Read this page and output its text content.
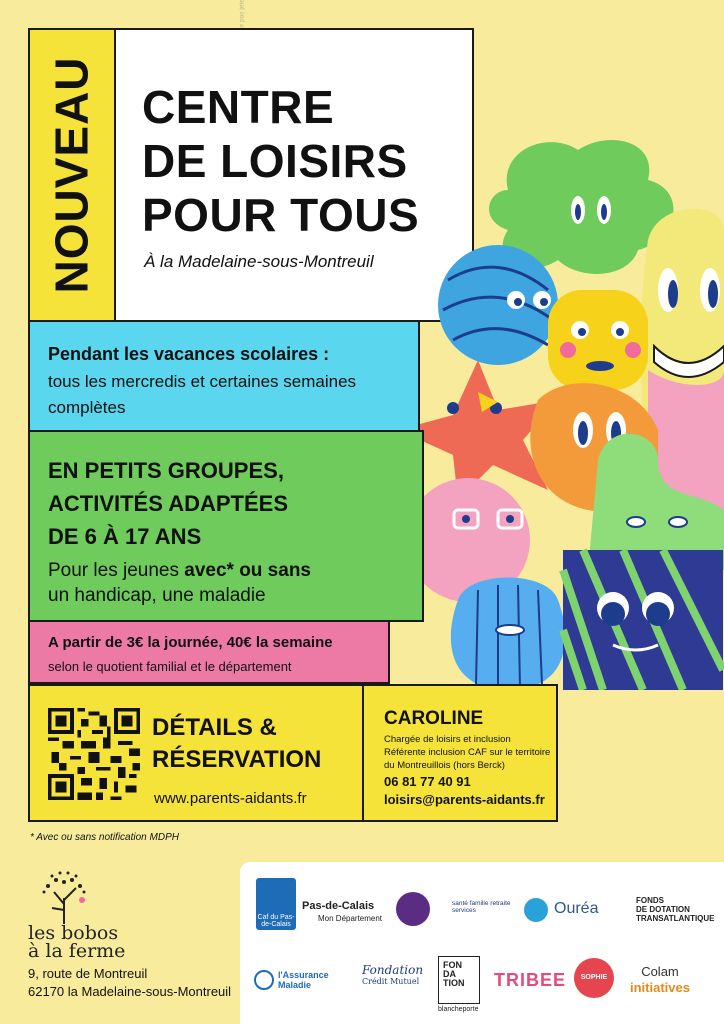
NOUVEAU CENTRE
DE LOISIRS
POUR TOUS
À la Madelaine-sous-Montreuil
Pendant les vacances scolaires :
tous les mercredis et certaines semaines complètes
EN PETITS GROUPES,
ACTIVITÉS ADAPTÉES
DE 6 À 17 ANS
Pour les jeunes avec* ou sans
un handicap, une maladie
A partir de 3€ la journée, 40€ la semaine
selon le quotient familial et le département
DÉTAILS &
RÉSERVATION
www.parents-aidants.fr
CAROLINE
Chargée de loisirs et inclusion
Référente inclusion CAF sur le territoire du Montreuillois (hors Berck)
06 81 77 40 91
loisirs@parents-aidants.fr
* Avec ou sans notification MDPH
les bobos
à la ferme
9, route de Montreuil
62170 la Madelaine-sous-Montreuil
Caf du Pas-de-Calais
Pas-de-Calais
Mon Département
santé famille retraite services	Ouréa	FONDS
DE DOTATION
TRANSATLANTIQUE
l'Assurance
Maladie
Fondation
Crédit Mutuel
FON
DA
TION
blancheporte
TRIBEE	SOPHIE	Colam
initiatives
